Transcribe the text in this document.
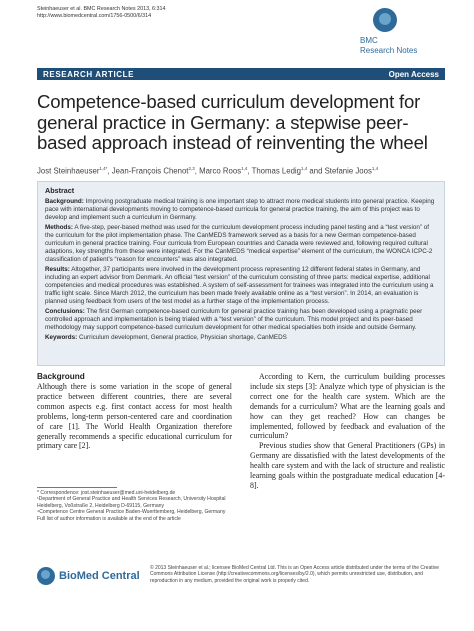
Steinhaeuser et al. BMC Research Notes 2013, 6:314
http://www.biomedcentral.com/1756-0500/6/314
BMC
Research Notes
RESEARCH ARTICLE	Open Access
Competence-based curriculum development for general practice in Germany: a stepwise peer-based approach instead of reinventing the wheel
Jost Steinhaeuser$^{1,4*}$, Jean-François Chenot$^{2,3}$, Marco Roos$^{1,4}$, Thomas Ledig$^{1,4}$ and Stefanie Joos$^{1,4}$
Abstract

Background: Improving postgraduate medical training is one important step to attract more medical students into general practice. Keeping pace with international developments moving to competence-based curricula for general practice training, the aim of this project was to develop and implement such a curriculum in Germany.

Methods: A five-step, peer-based method was used for the curriculum development process including panel testing and a “test version” of the curriculum for the pilot implementation phase. The CanMEDS framework served as a basis for a new German competence-based curriculum in general practice training. Four curricula from European countries and Canada were reviewed and, following required cultural adaptions, key strengths from these were integrated. For the CanMEDS “medical expertise” element of the curriculum, the WONCA ICPC-2 classification of patient’s “reason for encounters” was also integrated.

Results: Altogether, 37 participants were involved in the development process representing 12 different federal states in Germany, and including an expert advisor from Denmark. An official “test version” of the curriculum consisting of three parts: medical expertise, additional competencies and medical procedures was established. A system of self-assessment for trainees was integrated into the curriculum using a traffic light scale. Since March 2012, the curriculum has been made freely available online as a “test version”. In 2014, an evaluation is planned using feedback from users of the test model as a further stage of the implementation process.

Conclusions: The first German competence-based curriculum for general practice training has been developed using a pragmatic peer controlled approach and implementation is being trialed with a “test version” of the curriculum. This model project and its peer-based methodology may support competence-based curriculum development for other medical specialties both inside and outside Germany.

Keywords: Curriculum development, General practice, Physician shortage, CanMEDS

Background

Although there is some variation in the scope of general practice between different countries, there are several common aspects e.g. first contact access for most health problems, long-term person-centered care and coordination of care [1]. The World Health Organization therefore generally recommends a specific educational curriculum for primary care [2].

According to Kern, the curriculum building processes include six steps [3]: Analyze which type of physician is the correct one for the health care system. Which are the demands for a curriculum? What are the learning goals and how can they get reached? How can changes be implemented, followed by feedback and evaluation of the curriculum?

Previous studies show that General Practitioners (GPs) in Germany are dissatisfied with the latest developments of the health care system and with the lack of structure and realistic learning goals within the postgraduate medical education [4-8].

* Correspondence: jost.steinhaeuser@med.uni-heidelberg.de
¹Department of General Practice and Health Services Research, University Hospital Heidelberg, Voßstraße 2, Heidelberg D-69115, Germany
⁴Competence Centre General Practice Baden-Wuerttemberg, Heidelberg, Germany
Full list of author information is available at the end of the article
BioMed Central
© 2013 Steinhaeuser et al.; licensee BioMed Central Ltd. This is an Open Access article distributed under the terms of the Creative Commons Attribution License (http://creativecommons.org/licenses/by/2.0), which permits unrestricted use, distribution, and reproduction in any medium, provided the original work is properly cited.
